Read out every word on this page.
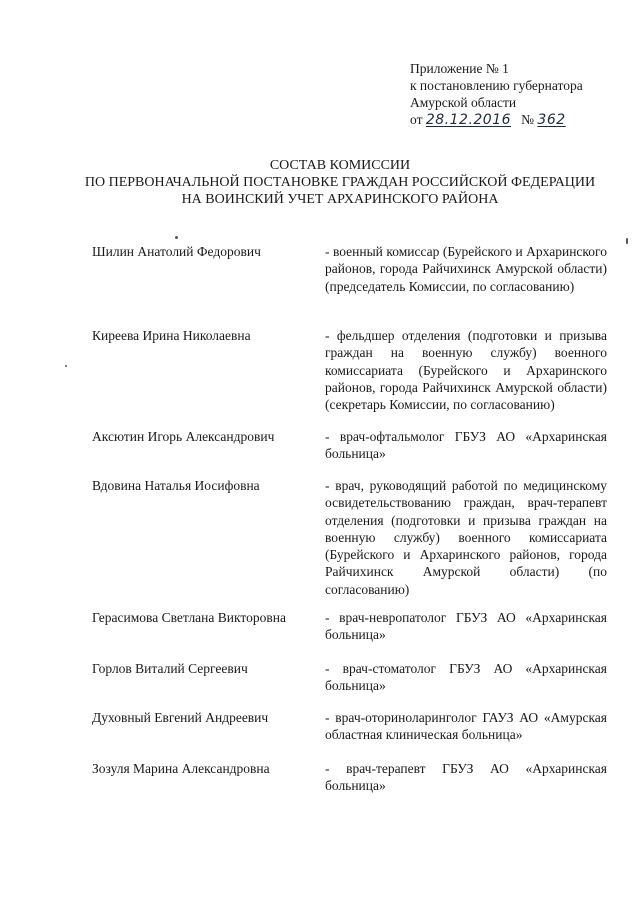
Приложение № 1
к постановлению губернатора
Амурской области
от 28.12.2016 № 362
СОСТАВ КОМИССИИ
ПО ПЕРВОНАЧАЛЬНОЙ ПОСТАНОВКЕ ГРАЖДАН РОССИЙСКОЙ ФЕДЕРАЦИИ
НА ВОИНСКИЙ УЧЕТ АРХАРИНСКОГО РАЙОНА
Шилин Анатолий Федорович	- военный комиссар (Бурейского и Архаринского районов, города Райчихинск Амурской области) (председатель Комиссии, по согласованию)
Киреева Ирина Николаевна	- фельдшер отделения (подготовки и призыва граждан на военную службу) военного комиссариата (Бурейского и Архаринского районов, города Райчихинск Амурской области) (секретарь Комиссии, по согласованию)
Аксютин Игорь Александрович	- врач-офтальмолог ГБУЗ АО «Архаринская больница»
Вдовина Наталья Иосифовна	- врач, руководящий работой по медицинскому освидетельствованию граждан, врач-терапевт отделения (подготовки и призыва граждан на военную службу) военного комиссариата (Бурейского и Архаринского районов, города Райчихинск Амурской области) (по согласованию)
Герасимова Светлана Викторовна	- врач-невропатолог ГБУЗ АО «Архаринская больница»
Горлов Виталий Сергеевич	- врач-стоматолог ГБУЗ АО «Архаринская больница»
Духовный Евгений Андреевич	- врач-оториноларинголог ГАУЗ АО «Амурская областная клиническая больница»
Зозуля Марина Александровна	- врач-терапевт ГБУЗ АО «Архаринская больница»
